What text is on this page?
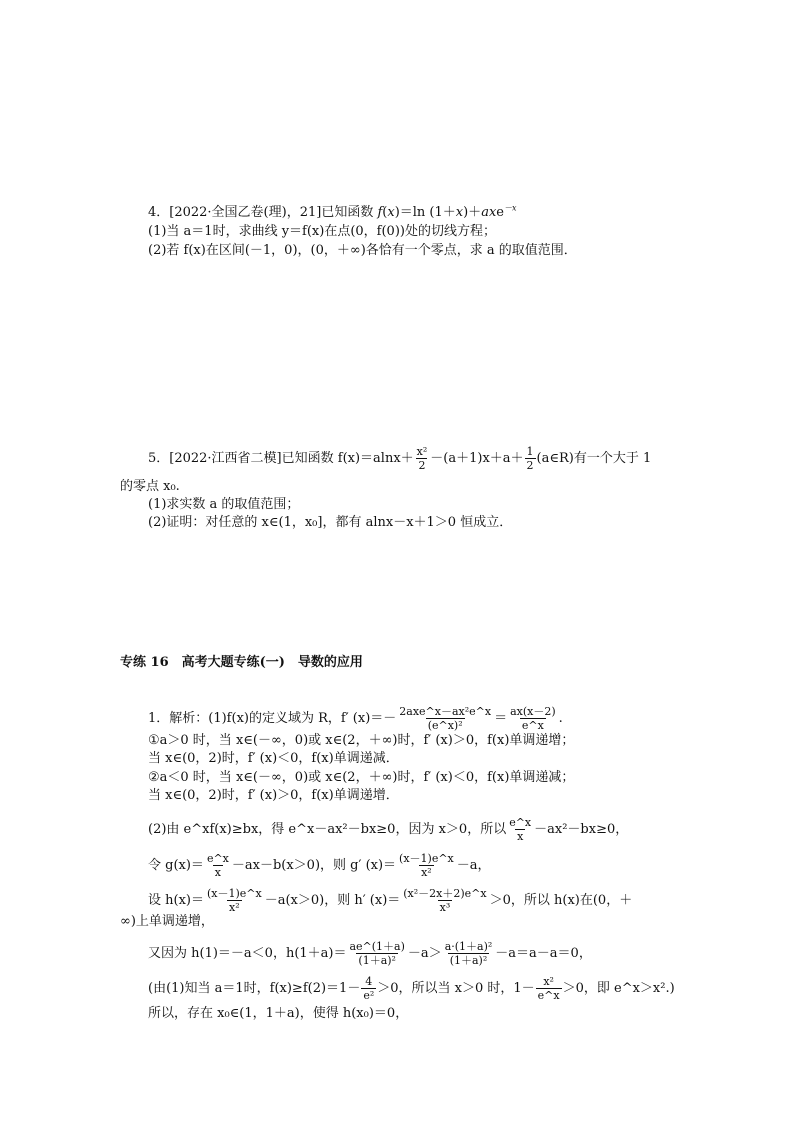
4．[2022·全国乙卷(理)，21]已知函数 f(x)＝ln (1＋x)＋axe$^{-x}$
(1)当 a＝1时，求曲线 y＝f(x)在点(0，f(0))处的切线方程；
(2)若 f(x)在区间(－1，0)，(0，＋∞)各恰有一个零点，求 a 的取值范围．
5．[2022·江西省二模]已知函数 $f(x)=alnx+ \frac{\text{x²}}{2} -(a+1)x+a+ \frac{1}{2}$ (a∈R)有一个大于 1
的零点 x₀.
(1)求实数 a 的取值范围；
(2)证明：对任意的 x∈(1，x₀]，都有 alnx－x＋1＞0 恒成立．
专练 16　高考大题专练(一)　导数的应用
1．解析：(1)f(x)的定义域为 R，f′ $(x)=- \frac{\text{2axe\textasciicircum{}x－ax²e\textasciicircum{}x}}{\text{(e\textasciicircum{}x)²}} = \frac{ax(x-2)}{e\^{}x}$ .
①a＞0 时，当 x∈(－∞，0)或 x∈(2，＋∞)时，f′ (x)＞0，f(x)单调递增；
当 x∈(0，2)时，f′ (x)＜0，f(x)单调递减．
②a＜0 时，当 x∈(－∞，0)或 x∈(2，＋∞)时，f′ (x)＜0，f(x)单调递减；
当 x∈(0，2)时，f′ (x)＞0，f(x)单调递增．
(2)由 e^xf(x)≥bx，得 e^x－ax²－bx≥0，因为 x＞0，所以 $\frac{e\^{}x}{x} -ax^2-bx\ge 0$，
令 $g(x)= \frac{e\^{}x}{x} -ax-b(x>0)$，则 g′ $(x)= \frac{(x-1)e\^{}x}{\text{x²}} -a$，
设 $h(x)= \frac{(x-1)e\^{}x}{\text{x²}} -a(x>0)$，则 h′ $(x)= \frac{\text{(x²－2x＋2)e\textasciicircum{}x}}{\text{x³}} >0$，所以 h(x)在(0，＋
∞)上单调递增，
又因为 h(1)＝－a＜0，$h(1+a)= \frac{ae\^{}(1+a)}{\text{(1＋a)²}} -a> \frac{\text{a·(1＋a)²}}{\text{(1＋a)²}} -a=a-a=0$，
(由(1)知当 a＝1时，$f(x)\ge f(2)=1- \frac{4}{\text{e²}} >0$，所以当 x＞0 时，$1- \frac{\text{x²}}{e\^{}x} >0$，即 e^x＞x².)
所以，存在 x₀∈(1，1＋a)，使得 h(x₀)＝0，
